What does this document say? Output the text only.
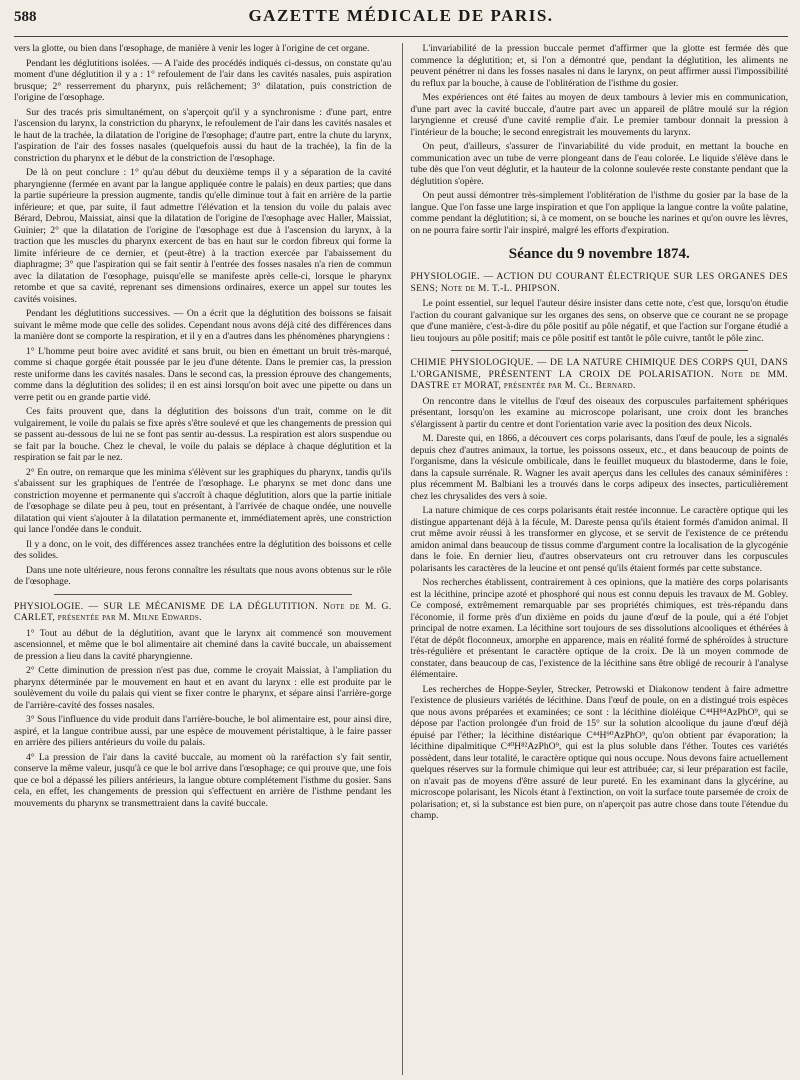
588	GAZETTE MÉDICALE DE PARIS.

vers la glotte, ou bien dans l'œsophage, de manière à venir les loger à l'origine de cet organe.

Pendant les déglutitions isolées. — A l'aide des procédés indiqués ci-dessus, on constate qu'au moment d'une déglutition il y a : 1° refoulement de l'air dans les cavités nasales, puis aspiration brusque; 2° resserrement du pharynx, puis relâchement; 3° dilatation, puis constriction de l'origine de l'œsophage.

Sur des tracés pris simultanément, on s'aperçoit qu'il y a synchronisme : d'une part, entre l'ascension du larynx, la constriction du pharynx, le refoulement de l'air dans les cavités nasales et le haut de la trachée, la dilatation de l'origine de l'œsophage; d'autre part, entre la chute du larynx, l'aspiration de l'air des fosses nasales (quelquefois aussi du haut de la trachée), la fin de la constriction du pharynx et le début de la constriction de l'œsophage.

De là on peut conclure : 1° qu'au début du deuxième temps il y a séparation de la cavité pharyngienne (fermée en avant par la langue appliquée contre le palais) en deux parties; que dans la partie supérieure la pression augmente, tandis qu'elle diminue tout à fait en arrière de la partie inférieure; et que, par suite, il faut admettre l'élévation et la tension du voile du palais avec Bérard, Debrou, Maissiat, ainsi que la dilatation de l'origine de l'œsophage avec Haller, Maissiat, Guinier; 2° que la dilatation de l'origine de l'œsophage est due à l'ascension du larynx, à la traction que les muscles du pharynx exercent de bas en haut sur le cordon fibreux qui forme la limite inférieure de ce dernier, et (peut-être) à la traction exercée par l'abaissement du diaphragme; 3° que l'aspiration qui se fait sentir à l'entrée des fosses nasales n'a rien de commun avec la dilatation de l'œsophage, puisqu'elle se manifeste après celle-ci, lorsque le pharynx retombe et que sa cavité, reprenant ses dimensions ordinaires, exerce un appel sur toutes les cavités voisines.

Pendant les déglutitions successives. — On a écrit que la déglutition des boissons se faisait suivant le même mode que celle des solides. Cependant nous avons déjà cité des différences dans la manière dont se comporte la respiration, et il y en a d'autres dans les phénomènes pharyngiens :

1° L'homme peut boire avec avidité et sans bruit, ou bien en émettant un bruit très-marqué, comme si chaque gorgée était poussée par le jeu d'une détente. Dans le premier cas, la pression reste uniforme dans les cavités nasales. Dans le second cas, la pression éprouve des changements, comme dans la déglutition des solides; il en est ainsi lorsqu'on boit avec une pipette ou dans un verre petit ou en grande partie vidé.

Ces faits prouvent que, dans la déglutition des boissons d'un trait, comme on le dit vulgairement, le voile du palais se fixe après s'être soulevé et que les changements de pression qui se passent au-dessous de lui ne se font pas sentir au-dessus. La respiration est alors suspendue ou se fait par la bouche. Chez le cheval, le voile du palais se déplace à chaque déglutition et la respiration se fait par le nez.

2° En outre, on remarque que les minima s'élèvent sur les graphiques du pharynx, tandis qu'ils s'abaissent sur les graphiques de l'entrée de l'œsophage. Le pharynx se met donc dans une constriction moyenne et permanente qui s'accroît à chaque déglutition, alors que la partie initiale de l'œsophage se dilate peu à peu, tout en présentant, à l'arrivée de chaque ondée, une nouvelle dilatation qui vient s'ajouter à la dilatation permanente et, immédiatement après, une constriction qui lance l'ondée dans le conduit.

Il y a donc, on le voit, des différences assez tranchées entre la déglutition des boissons et celle des solides.

Dans une note ultérieure, nous ferons connaître les résultats que nous avons obtenus sur le rôle de l'œsophage.

PHYSIOLOGIE. — SUR LE MÉCANISME DE LA DÉGLUTITION. Note de M. G. CARLET, présentée par M. Milne Edwards.

1° Tout au début de la déglutition, avant que le larynx ait commencé son mouvement ascensionnel, et même que le bol alimentaire ait cheminé dans la cavité buccale, un abaissement de pression a lieu dans la cavité pharyngienne.

2° Cette diminution de pression n'est pas due, comme le croyait Maissiat, à l'ampliation du pharynx déterminée par le mouvement en haut et en avant du larynx : elle est produite par le soulèvement du voile du palais qui vient se fixer contre le pharynx, et sépare ainsi l'arrière-gorge de l'arrière-cavité des fosses nasales.

3° Sous l'influence du vide produit dans l'arrière-bouche, le bol alimentaire est, pour ainsi dire, aspiré, et la langue contribue aussi, par une espèce de mouvement péristaltique, à le faire passer en arrière des piliers antérieurs du voile du palais.

4° La pression de l'air dans la cavité buccale, au moment où la raréfaction s'y fait sentir, conserve la même valeur, jusqu'à ce que le bol arrive dans l'œsophage; ce qui prouve que, une fois que ce bol a dépassé les piliers antérieurs, la langue obture complétement l'isthme du gosier. Sans cela, en effet, les changements de pression qui s'effectuent en arrière de l'isthme pendant les mouvements du pharynx se transmettraient dans la cavité buccale.

L'invariabilité de la pression buccale permet d'affirmer que la glotte est fermée dès que commence la déglutition; et, si l'on a démontré que, pendant la déglutition, les aliments ne peuvent pénétrer ni dans les fosses nasales ni dans le larynx, on peut affirmer aussi l'impossibilité du reflux par la bouche, à cause de l'oblitération de l'isthme du gosier.

Mes expériences ont été faites au moyen de deux tambours à levier mis en communication, d'une part avec la cavité buccale, d'autre part avec un appareil de plâtre moulé sur la région laryngienne et creusé d'une cavité remplie d'air. Le premier tambour donnait la pression à l'intérieur de la bouche; le second enregistrait les mouvements du larynx.

On peut, d'ailleurs, s'assurer de l'invariabilité du vide produit, en mettant la bouche en communication avec un tube de verre plongeant dans de l'eau colorée. Le liquide s'élève dans le tube dès que l'on veut déglutir, et la hauteur de la colonne soulevée reste constante pendant que la déglutition s'opère.

On peut aussi démontrer très-simplement l'oblitération de l'isthme du gosier par la base de la langue. Que l'on fasse une large inspiration et que l'on applique la langue contre la voûte palatine, comme pendant la déglutition; si, à ce moment, on se bouche les narines et qu'on ouvre les lèvres, on ne pourra faire sortir l'air inspiré, malgré les efforts d'expiration.

Séance du 9 novembre 1874.
PHYSIOLOGIE. — ACTION DU COURANT ÉLECTRIQUE SUR LES ORGANES DES SENS; Note de M. T.-L. PHIPSON.

Le point essentiel, sur lequel l'auteur désire insister dans cette note, c'est que, lorsqu'on étudie l'action du courant galvanique sur les organes des sens, on observe que ce courant ne se propage que d'une manière, c'est-à-dire du pôle positif au pôle négatif, et que l'action sur l'organe étudié a lieu toujours au pôle positif; mais ce pôle positif est tantôt le pôle cuivre, tantôt le pôle zinc.

CHIMIE PHYSIOLOGIQUE. — DE LA NATURE CHIMIQUE DES CORPS QUI, DANS L'ORGANISME, PRÉSENTENT LA CROIX DE POLARISATION. Note de MM. DASTRE et MORAT, présentée par M. Cl. Bernard.

On rencontre dans le vitellus de l'œuf des oiseaux des corpuscules parfaitement sphériques présentant, lorsqu'on les examine au microscope polarisant, une croix dont les branches s'élargissent à partir du centre et dont l'orientation varie avec la position des deux Nicols.

M. Dareste qui, en 1866, a découvert ces corps polarisants, dans l'œuf de poule, les a signalés depuis chez d'autres animaux, la tortue, les poissons osseux, etc., et dans beaucoup de points de l'organisme, dans la vésicule ombilicale, dans le feuillet muqueux du blastoderme, dans le foie, dans la capsule surrénale. R. Wagner les avait aperçus dans les cellules des canaux séminifères : plus récemment M. Balbiani les a trouvés dans le corps adipeux des insectes, particulièrement chez les chrysalides des vers à soie.

La nature chimique de ces corps polarisants était restée inconnue. Le caractère optique qui les distingue appartenant déjà à la fécule, M. Dareste pensa qu'ils étaient formés d'amidon animal. Il crut même avoir réussi à les transformer en glycose, et se servit de l'existence de ce prétendu amidon animal dans beaucoup de tissus comme d'argument contre la localisation de la glycogénie dans le foie. En dernier lieu, d'autres observateurs ont cru retrouver dans les corpuscules polarisants les caractères de la leucine et ont pensé qu'ils étaient formés par cette substance.

Nos recherches établissent, contrairement à ces opinions, que la matière des corps polarisants est la lécithine, principe azoté et phosphoré qui nous est connu depuis les travaux de M. Gobley. Ce composé, extrêmement remarquable par ses propriétés chimiques, est très-répandu dans l'économie, il forme près d'un dixième en poids du jaune d'œuf de la poule, qui a été l'objet principal de notre examen. La lécithine sort toujours de ses dissolutions alcooliques et éthérées à l'état de dépôt floconneux, amorphe en apparence, mais en réalité formé de sphéroïdes à structure très-régulière et présentant le caractère optique de la croix. De là un moyen commode de constater, dans beaucoup de cas, l'existence de la lécithine sans être obligé de recourir à l'analyse élémentaire.

Les recherches de Hoppe-Seyler, Strecker, Petrowski et Diakonow tendent à faire admettre l'existence de plusieurs variétés de lécithine. Dans l'œuf de poule, on en a distingué trois espèces que nous avons préparées et examinées; ce sont : la lécithine dioléique C⁴⁴H⁸⁴AzPhO⁹, qui se dépose par l'action prolongée d'un froid de 15° sur la solution alcoolique du jaune d'œuf déjà épuisé par l'éther; la lécithine distéarique C⁴⁴H⁹⁰AzPhO⁹, qu'on obtient par évaporation; la lécithine dipalmitique C⁴⁰H⁸²AzPhO⁹, qui est la plus soluble dans l'éther. Toutes ces variétés possèdent, dans leur totalité, le caractère optique qui nous occupe. Nous devons faire actuellement quelques réserves sur la formule chimique qui leur est attribuée; car, si leur préparation est facile, on n'avait pas de moyens d'être assuré de leur pureté. En les examinant dans la glycérine, au microscope polarisant, les Nicols étant à l'extinction, on voit la surface toute parsemée de croix de polarisation; et, si la substance est bien pure, on n'aperçoit pas autre chose dans toute l'étendue du champ.
